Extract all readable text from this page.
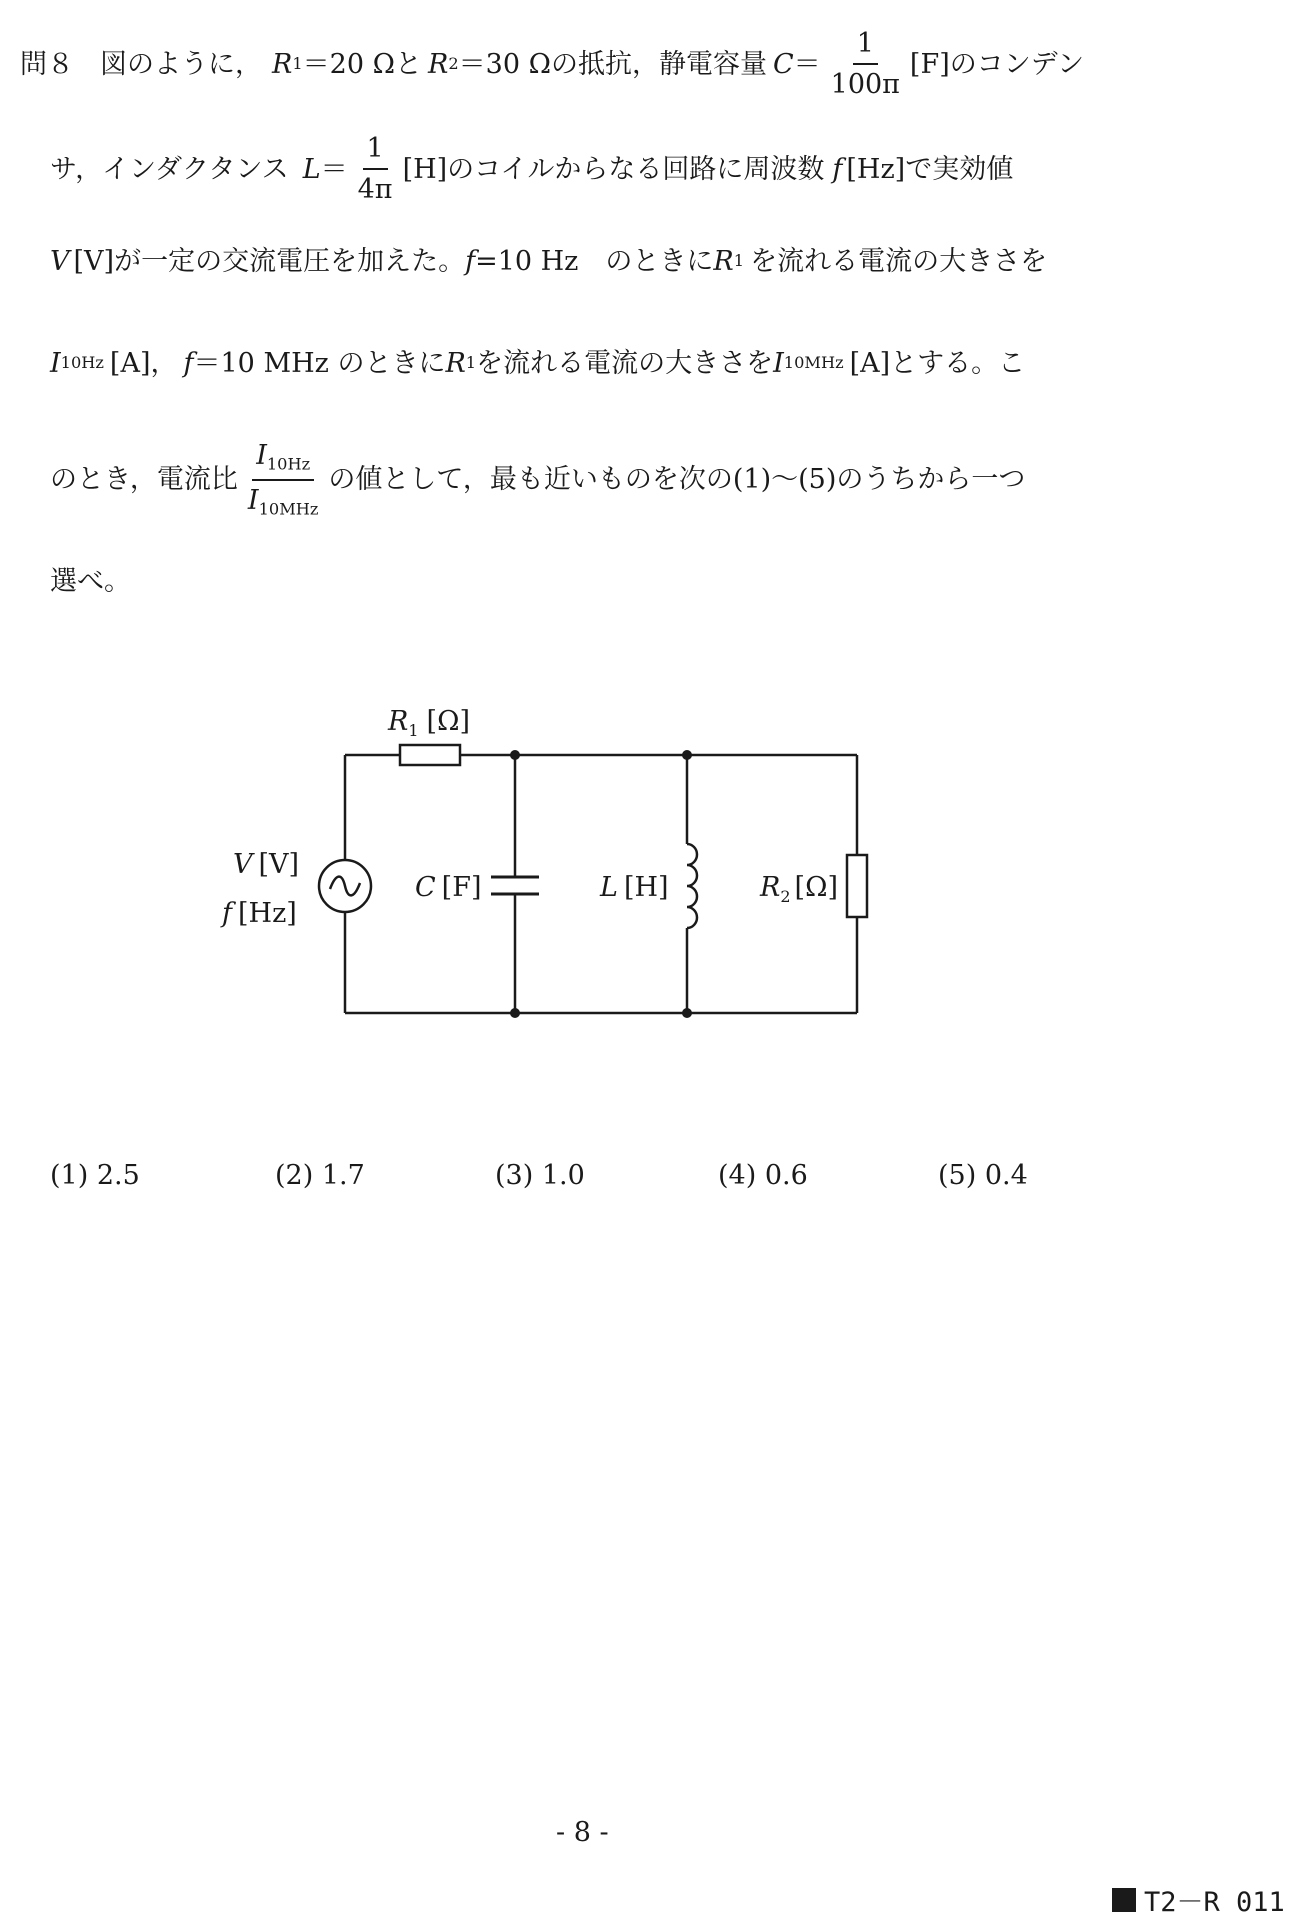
問８ 図のように， R 1 ＝20 Ωと R 2 ＝30 Ωの抵抗，静電容量 $C = \frac{1}{100\pi} [F]$のコンデン
サ，インダクタンス $L = \frac{1}{4\pi} [H]$のコイルからなる回路に周波数 f [Hz]で実効値
V [V]が一定の交流電圧を加えた。 f =10 Hz　のときに R 1 を流れる電流の大きさを
I 10Hz [A]， f ＝10 MHz のときに R 1 を流れる電流の大きさを I 10MHz [A]とする。こ
のとき，電流比 $\frac{I_{10Hz}}{I_{10MHz}}$ の値として，最も近いものを次の(1)～(5)のうちから一つ
選べ。
$R_1$ [Ω]
V [V]
f [Hz]
C [F]	L [H]	$R_2$ [Ω]
(1) 2.5	(2) 1.7	(3) 1.0	(4) 0.6	(5) 0.4
- 8 -
T2－R 011
